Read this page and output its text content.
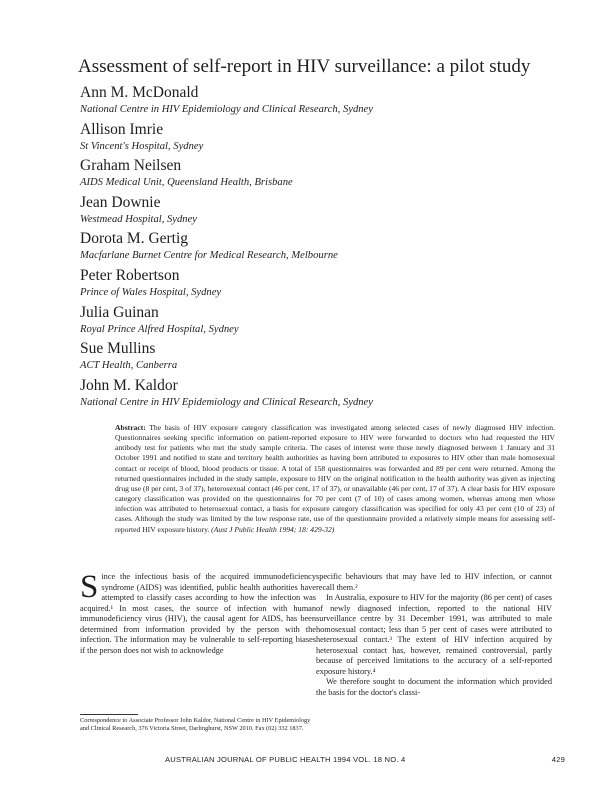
Assessment of self-report in HIV surveillance: a pilot study
Ann M. McDonald
National Centre in HIV Epidemiology and Clinical Research, Sydney
Allison Imrie
St Vincent's Hospital, Sydney
Graham Neilsen
AIDS Medical Unit, Queensland Health, Brisbane
Jean Downie
Westmead Hospital, Sydney
Dorota M. Gertig
Macfarlane Burnet Centre for Medical Research, Melbourne
Peter Robertson
Prince of Wales Hospital, Sydney
Julia Guinan
Royal Prince Alfred Hospital, Sydney
Sue Mullins
ACT Health, Canberra
John M. Kaldor
National Centre in HIV Epidemiology and Clinical Research, Sydney
Abstract: The basis of HIV exposure category classification was investigated among selected cases of newly diagnosed HIV infection. Questionnaires seeking specific information on patient-reported exposure to HIV were forwarded to doctors who had requested the HIV antibody test for patients who met the study sample criteria. The cases of interest were those newly diagnosed between 1 January and 31 October 1991 and notified to state and territory health authorities as having been attributed to exposures to HIV other than male homosexual contact or receipt of blood, blood products or tissue. A total of 158 questionnaires was forwarded and 89 per cent were returned. Among the returned questionnaires included in the study sample, exposure to HIV on the original notification to the health authority was given as injecting drug use (8 per cent, 3 of 37), heterosexual contact (46 per cent, 17 of 37), or unavailable (46 per cent, 17 of 37). A clear basis for HIV exposure category classification was provided on the questionnaires for 70 per cent (7 of 10) of cases among women, whereas among men whose infection was attributed to heterosexual contact, a basis for exposure category classification was specified for only 43 per cent (10 of 23) of cases. Although the study was limited by the low response rate, use of the questionnaire provided a relatively simple means for assessing self-reported HIV exposure history. (Aust J Public Health 1994; 18: 429-32)

Since the infectious basis of the acquired immunodeficiency syndrome (AIDS) was identified, public health authorities have attempted to classify cases according to how the infection was acquired.¹ In most cases, the source of infection with human immunodeficiency virus (HIV), the causal agent for AIDS, has been determined from information provided by the person with the infection. The information may be vulnerable to self-reporting biases if the person does not wish to acknowledge

specific behaviours that may have led to HIV infection, or cannot recall them.²

In Australia, exposure to HIV for the majority (86 per cent) of cases of newly diagnosed infection, reported to the national HIV surveillance centre by 31 December 1991, was attributed to male homosexual contact; less than 5 per cent of cases were attributed to heterosexual contact.³ The extent of HIV infection acquired by heterosexual contact has, however, remained controversial, partly because of perceived limitations to the accuracy of a self-reported exposure history.⁴

We therefore sought to document the information which provided the basis for the doctor's classi-

Correspondence to Associate Professor John Kaldor, National Centre in HIV Epidemiology and Clinical Research, 376 Victoria Street, Darlinghurst, NSW 2010. Fax (02) 332 1837.
AUSTRALIAN JOURNAL OF PUBLIC HEALTH 1994 VOL. 18 NO. 4	429
